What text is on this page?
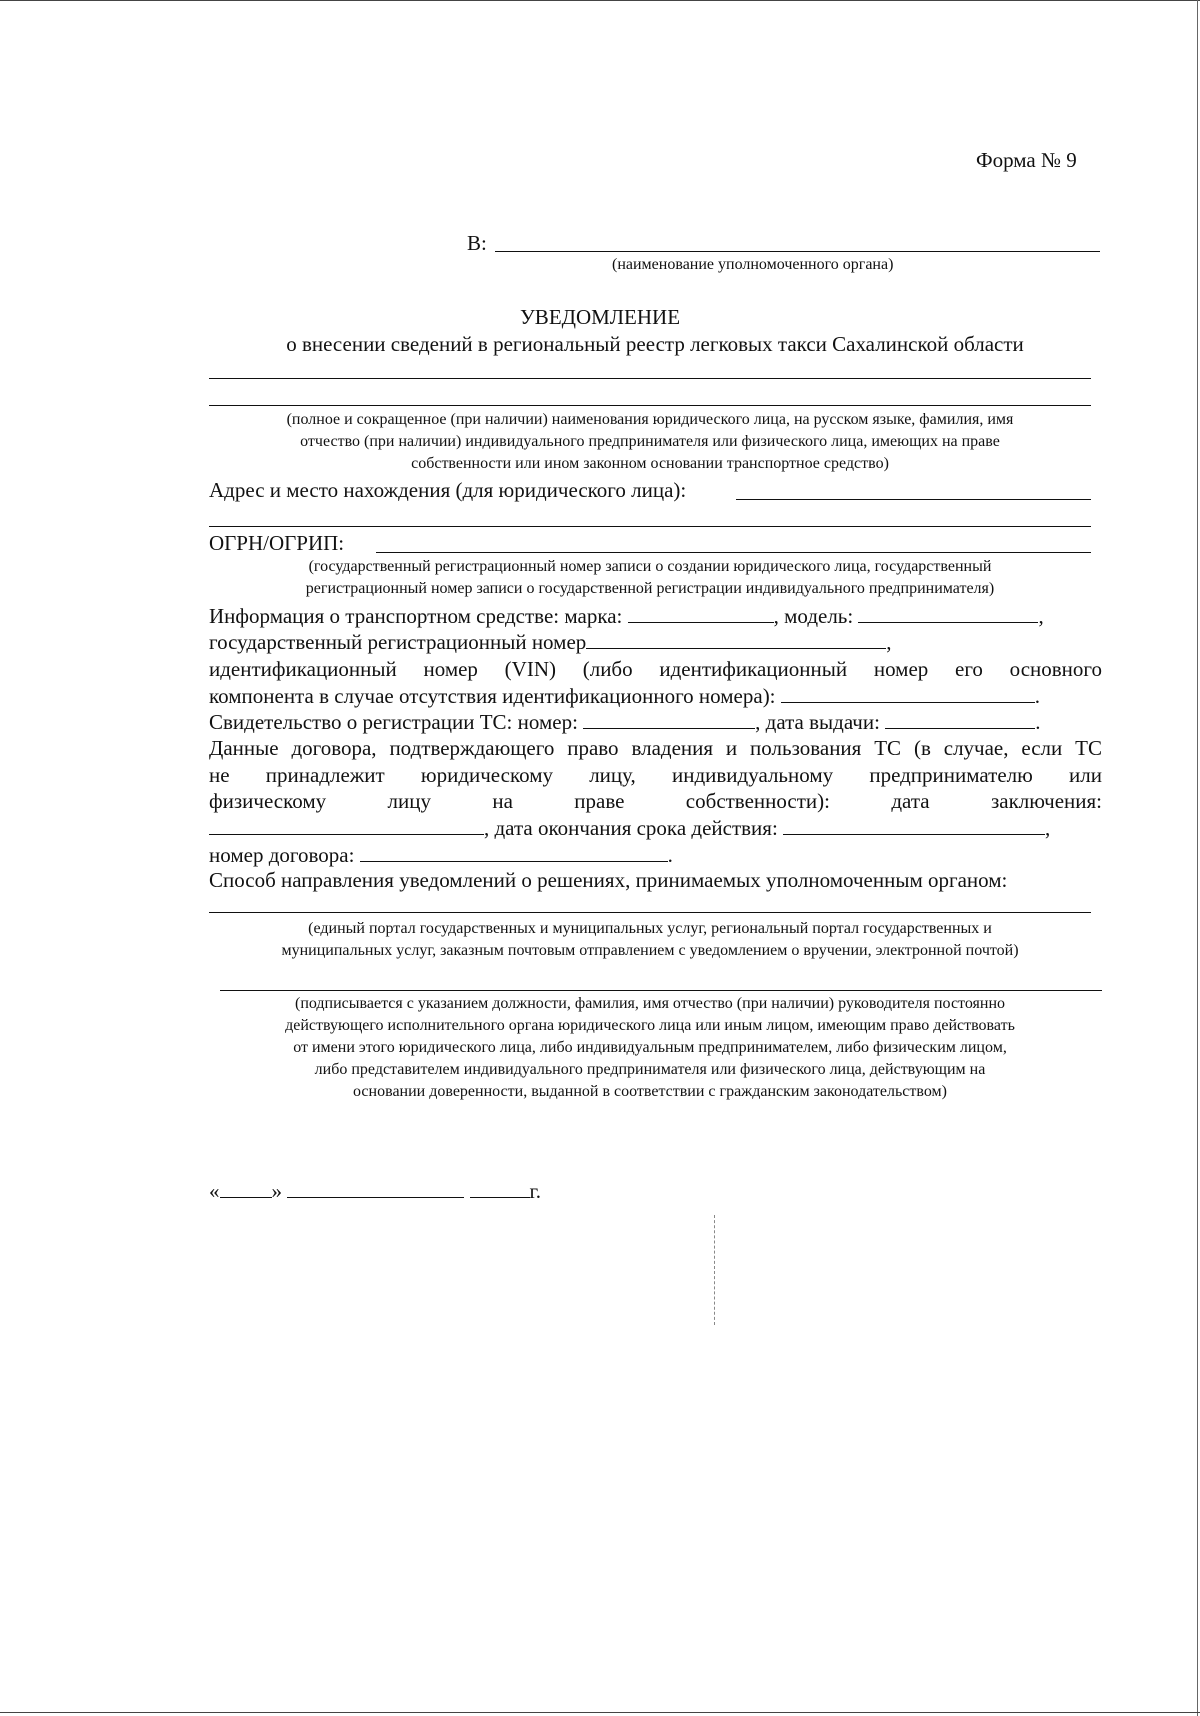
Форма № 9
В:
(наименование уполномоченного органа)
УВЕДОМЛЕНИЕ
о внесении сведений в региональный реестр легковых такси Сахалинской области
(полное и сокращенное (при наличии) наименования юридического лица, на русском языке, фамилия, имя
отчество (при наличии) индивидуального предпринимателя или физического лица, имеющих на праве
собственности или ином законном основании транспортное средство)
Адрес и место нахождения (для юридического лица):
ОГРН/ОГРИП:
(государственный регистрационный номер записи о создании юридического лица, государственный
регистрационный номер записи о государственной регистрации индивидуального предпринимателя)
Информация о транспортном средстве: марка:	, модель:	,
государственный регистрационный номер	,
идентификационный номер (VIN) (либо идентификационный номер его основного
компонента в случае отсутствия идентификационного номера):	.
Свидетельство о регистрации ТС: номер:	, дата выдачи:	.
Данные договора, подтверждающего право владения и пользования ТС (в случае, если ТС
не принадлежит юридическому лицу, индивидуальному предпринимателю или
физическому лицу на праве собственности): дата заключения:
, дата окончания срока действия:	,
номер договора:	.
Способ направления уведомлений о решениях, принимаемых уполномоченным органом:
(единый портал государственных и муниципальных услуг, региональный портал государственных и
муниципальных услуг, заказным почтовым отправлением с уведомлением о вручении, электронной почтой)
(подписывается с указанием должности, фамилия, имя отчество (при наличии) руководителя постоянно
действующего исполнительного органа юридического лица или иным лицом, имеющим право действовать
от имени этого юридического лица, либо индивидуальным предпринимателем, либо физическим лицом,
либо представителем индивидуального предпринимателя или физического лица, действующим на
основании доверенности, выданной в соответствии с гражданским законодательством)
« »	г.
